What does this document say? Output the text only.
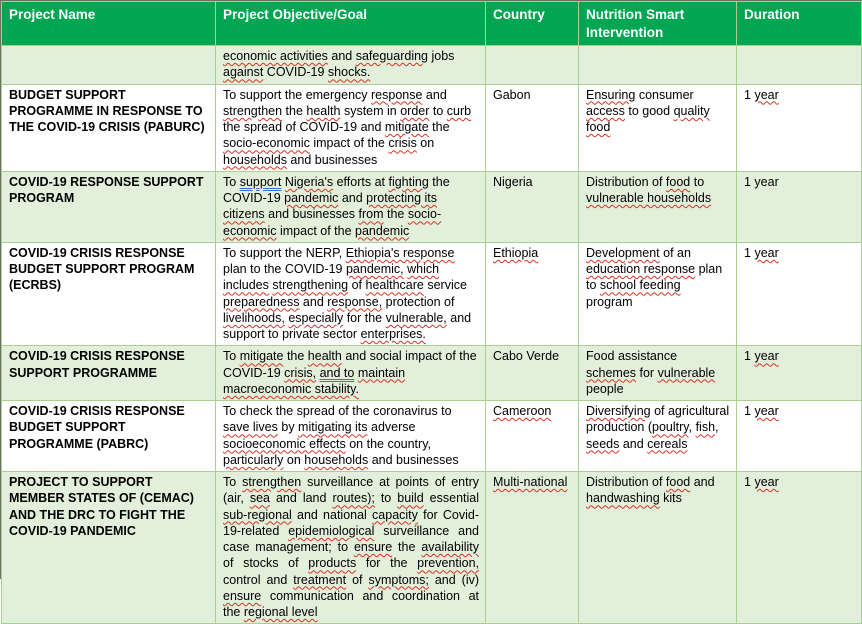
Project Name	Project Objective/Goal	Country	Nutrition Smart Intervention	Duration
	economic activities and safeguarding jobs against COVID-19 shocks.			
BUDGET SUPPORT PROGRAMME IN RESPONSE TO THE COVID-19 CRISIS (PABURC)	To support the emergency response and strengthen the health system in order to curb the spread of COVID-19 and mitigate the socio-economic impact of the crisis on households and businesses	Gabon	Ensuring consumer access to good quality food	1 year
COVID-19 RESPONSE SUPPORT PROGRAM	To support Nigeria's efforts at fighting the COVID-19 pandemic and protecting its citizens and businesses from the socio-economic impact of the pandemic	Nigeria	Distribution of food to vulnerable households	1 year
COVID-19 CRISIS RESPONSE BUDGET SUPPORT PROGRAM (ECRBS)	To support the NERP, Ethiopia's response plan to the COVID-19 pandemic, which includes strengthening of healthcare service preparedness and response, protection of livelihoods, especially for the vulnerable, and support to private sector enterprises.	Ethiopia	Development of an education response plan to school feeding program	1 year
COVID-19 CRISIS RESPONSE SUPPORT PROGRAMME	To mitigate the health and social impact of the COVID-19 crisis, and to maintain macroeconomic stability.	Cabo Verde	Food assistance schemes for vulnerable people	1 year
COVID-19 CRISIS RESPONSE BUDGET SUPPORT PROGRAMME (PABRC)	To check the spread of the coronavirus to save lives by mitigating its adverse socioeconomic effects on the country, particularly on households and businesses	Cameroon	Diversifying of agricultural production (poultry, fish, seeds and cereals	1 year
PROJECT TO SUPPORT MEMBER STATES OF (CEMAC) AND THE DRC TO FIGHT THE COVID-19 PANDEMIC	To strengthen surveillance at points of entry (air, sea and land routes); to build essential sub-regional and national capacity for Covid-19-related epidemiological surveillance and case management; to ensure the availability of stocks of products for the prevention, control and treatment of symptoms; and (iv) ensure communication and coordination at the regional level	Multi-national	Distribution of food and handwashing kits	1 year
